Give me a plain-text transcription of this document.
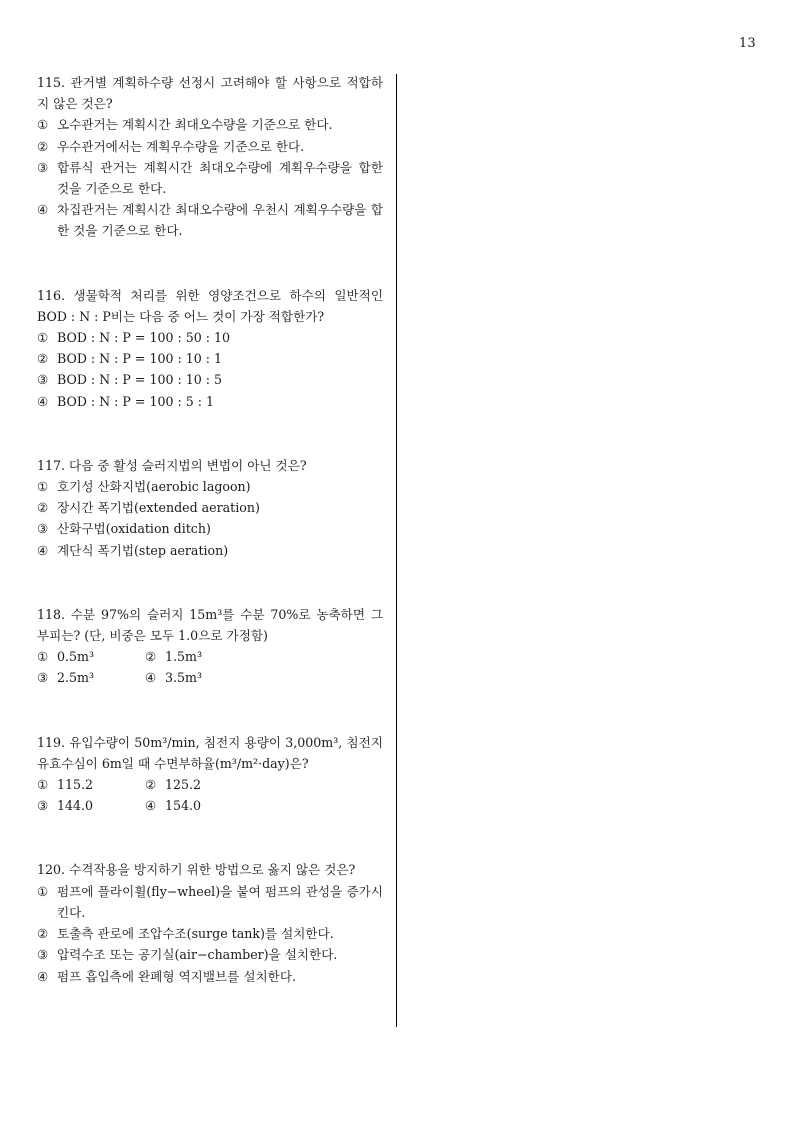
13
115. 관거별 계획하수량 선정시 고려해야 할 사항으로 적합하지 않은 것은?
① 오수관거는 계획시간 최대오수량을 기준으로 한다.
② 우수관거에서는 계획우수량을 기준으로 한다.
③ 합류식 관거는 계획시간 최대오수량에 계획우수량을 합한 것을 기준으로 한다.
④ 차집관거는 계획시간 최대오수량에 우천시 계획우수량을 합한 것을 기준으로 한다.
116. 생물학적 처리를 위한 영양조건으로 하수의 일반적인 BOD : N : P비는 다음 중 어느 것이 가장 적합한가?
① BOD : N : P = 100 : 50 : 10
② BOD : N : P = 100 : 10 : 1
③ BOD : N : P = 100 : 10 : 5
④ BOD : N : P = 100 : 5 : 1
117. 다음 중 활성 슬러지법의 변법이 아닌 것은?
① 호기성 산화지법(aerobic lagoon)
② 장시간 폭기법(extended aeration)
③ 산화구법(oxidation ditch)
④ 계단식 폭기법(step aeration)
118. 수분 97%의 슬러지 15m³를 수분 70%로 농축하면 그 부피는? (단, 비중은 모두 1.0으로 가정함)
① 0.5m³	② 1.5m³
③ 2.5m³	④ 3.5m³
119. 유입수량이 50m³/min, 침전지 용량이 3,000m³, 침전지 유효수심이 6m일 때 수면부하율(m³/m²·day)은?
① 115.2	② 125.2
③ 144.0	④ 154.0
120. 수격작용을 방지하기 위한 방법으로 옳지 않은 것은?
① 펌프에 플라이휠(fly−wheel)을 붙여 펌프의 관성을 증가시킨다.
② 토출측 관로에 조압수조(surge tank)를 설치한다.
③ 압력수조 또는 공기실(air−chamber)을 설치한다.
④ 펌프 흡입측에 완폐형 역지밸브를 설치한다.
